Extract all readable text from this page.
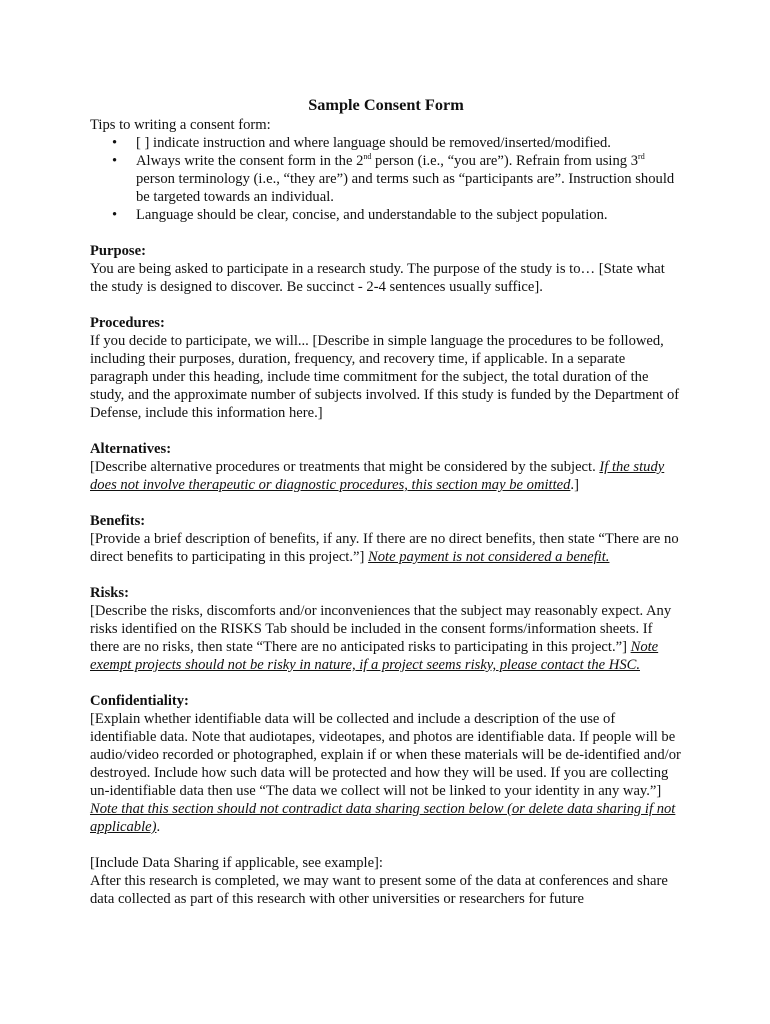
Sample Consent Form

Tips to writing a consent form:

• [ ] indicate instruction and where language should be removed/inserted/modified.
• Always write the consent form in the 2nd person (i.e., “you are”). Refrain from using 3rd person terminology (i.e., “they are”) and terms such as “participants are”. Instruction should be targeted towards an individual.
• Language should be clear, concise, and understandable to the subject population.

Purpose:

You are being asked to participate in a research study. The purpose of the study is to… [State what the study is designed to discover. Be succinct - 2-4 sentences usually suffice].

Procedures:

If you decide to participate, we will... [Describe in simple language the procedures to be followed, including their purposes, duration, frequency, and recovery time, if applicable. In a separate paragraph under this heading, include time commitment for the subject, the total duration of the study, and the approximate number of subjects involved. If this study is funded by the Department of Defense, include this information here.]

Alternatives:

[Describe alternative procedures or treatments that might be considered by the subject. If the study does not involve therapeutic or diagnostic procedures, this section may be omitted.]

Benefits:

[Provide a brief description of benefits, if any. If there are no direct benefits, then state “There are no direct benefits to participating in this project.”] Note payment is not considered a benefit.

Risks:

[Describe the risks, discomforts and/or inconveniences that the subject may reasonably expect. Any risks identified on the RISKS Tab should be included in the consent forms/information sheets. If there are no risks, then state “There are no anticipated risks to participating in this project.”] Note exempt projects should not be risky in nature, if a project seems risky, please contact the HSC.

Confidentiality:

[Explain whether identifiable data will be collected and include a description of the use of identifiable data. Note that audiotapes, videotapes, and photos are identifiable data. If people will be audio/video recorded or photographed, explain if or when these materials will be de-identified and/or destroyed. Include how such data will be protected and how they will be used. If you are collecting un-identifiable data then use “The data we collect will not be linked to your identity in any way.”] Note that this section should not contradict data sharing section below (or delete data sharing if not applicable).

[Include Data Sharing if applicable, see example]:

After this research is completed, we may want to present some of the data at conferences and share data collected as part of this research with other universities or researchers for future
